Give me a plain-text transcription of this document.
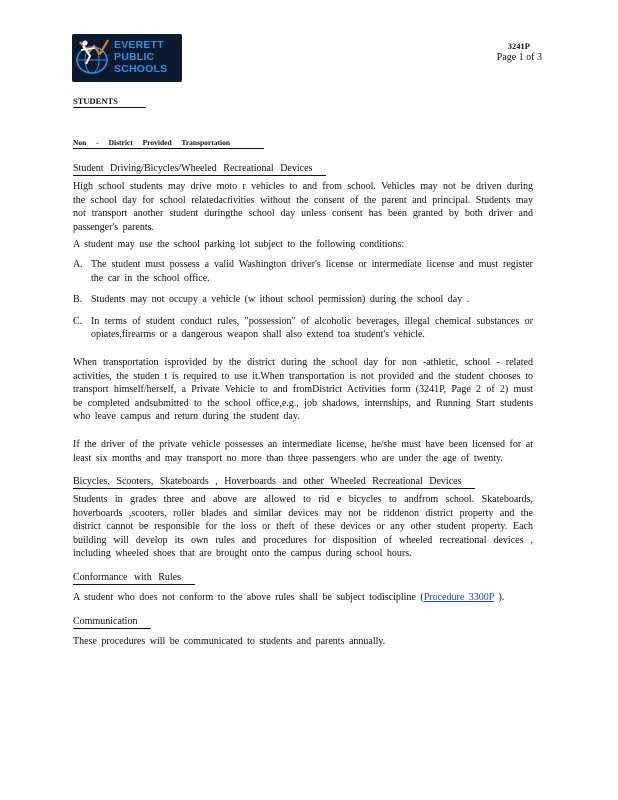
EVERETT PUBLIC SCHOOLS
3241P
Page 1 of 3
STUDENTS
Non - District Provided Transportation
Student Driving/Bicycles/Wheeled Recreational Devices

High school students may drive moto r vehicles to and from school. Vehicles may not be driven during the school day for school relatedactivities without the consent of the parent and principal. Students may not transport another student duringthe school day unless consent has been granted by both driver and passenger's parents.

A student may use the school parking lot subject to the following conditions:

A. The student must possess a valid Washington driver's license or intermediate license and must register the car in the school office.
B. Students may not occupy a vehicle (w ithout school permission) during the school day .
C. In terms of student conduct rules, "possession" of alcoholic beverages, illegal chemical substances or opiates,firearms or a dangerous weapon shall also extend toa student's vehicle.

When transportation isprovided by the district during the school day for non -athletic, school - related activities, the studen t is required to use it.When transportation is not provided and the student chooses to transport himself/herself, a Private Vehicle to and fromDistrict Activities form (3241P, Page 2 of 2) must be completed andsubmitted to the school office,e.g., job shadows, internships, and Running Start students who leave campus and return during the student day.

If the driver of the private vehicle possesses an intermediate license, he/she must have been licensed for at least six months and may transport no more than three passengers who are under the age of twenty.

Bicycles, Scooters, Skateboards , Hoverboards and other Wheeled Recreational Devices

Students in grades three and above are allowed to rid e bicycles to andfrom school. Skateboards, hoverboards ,scooters, roller blades and similar devices may not be riddenon district property and the district cannot be responsible for the loss or theft of these devices or any other student property. Each building will develop its own rules and procedures for disposition of wheeled recreational devices , including wheeled shoes that are brought onto the campus during school hours.

Conformance with Rules

A student who does not conform to the above rules shall be subject todiscipline (Procedure 3300P ).

Communication

These procedures will be communicated to students and parents annually.
